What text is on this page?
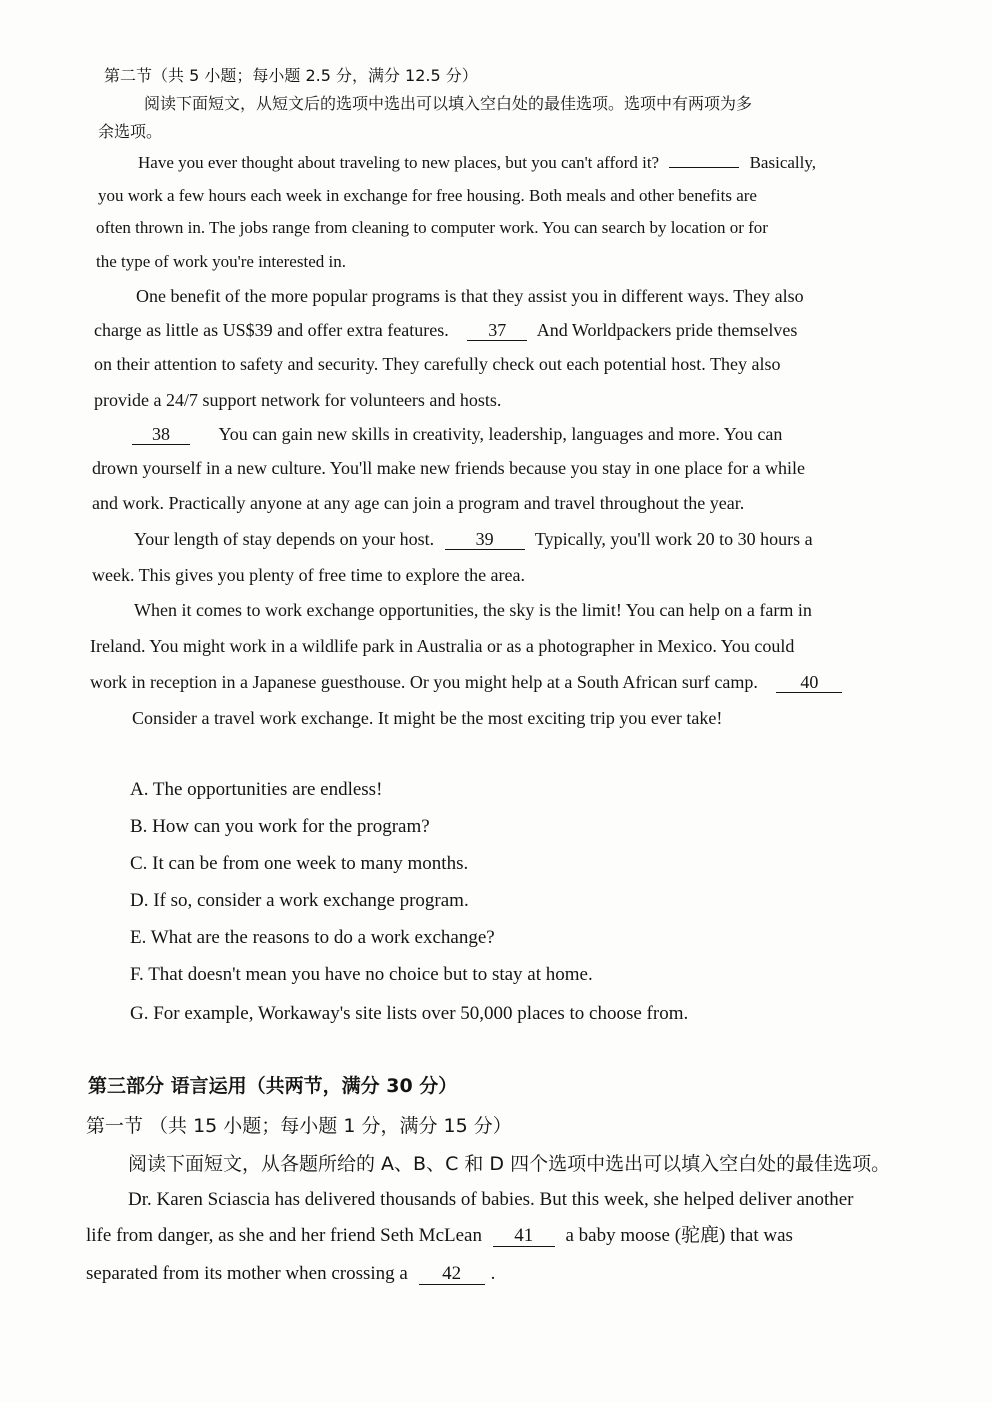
第二节（共 5 小题；每小题 2.5 分，满分 12.5 分）
阅读下面短文，从短文后的选项中选出可以填入空白处的最佳选项。选项中有两项为多
余选项。
Have you ever thought about traveling to new places, but you can't afford it?	Basically,
you work a few hours each week in exchange for free housing. Both meals and other benefits are
often thrown in. The jobs range from cleaning to computer work. You can search by location or for
the type of work you're interested in.
One benefit of the more popular programs is that they assist you in different ways. They also
charge as little as US$39 and offer extra features. 37 And Worldpackers pride themselves
on their attention to safety and security. They carefully check out each potential host. They also
provide a 24/7 support network for volunteers and hosts.
38	You can gain new skills in creativity, leadership, languages and more. You can
drown yourself in a new culture. You'll make new friends because you stay in one place for a while
and work. Practically anyone at any age can join a program and travel throughout the year.
Your length of stay depends on your host. 39 Typically, you'll work 20 to 30 hours a
week. This gives you plenty of free time to explore the area.
When it comes to work exchange opportunities, the sky is the limit! You can help on a farm in
Ireland. You might work in a wildlife park in Australia or as a photographer in Mexico. You could
work in reception in a Japanese guesthouse. Or you might help at a South African surf camp. 40
Consider a travel work exchange. It might be the most exciting trip you ever take!
A. The opportunities are endless!
B. How can you work for the program?
C. It can be from one week to many months.
D. If so, consider a work exchange program.
E. What are the reasons to do a work exchange?
F. That doesn't mean you have no choice but to stay at home.
G. For example, Workaway's site lists over 50,000 places to choose from.
第三部分 语言运用（共两节，满分 30 分）
第一节 （共 15 小题；每小题 1 分，满分 15 分）
阅读下面短文，从各题所给的 A、B、C 和 D 四个选项中选出可以填入空白处的最佳选项。
Dr. Karen Sciascia has delivered thousands of babies. But this week, she helped deliver another
life from danger, as she and her friend Seth McLean 41 a baby moose (驼鹿) that was
separated from its mother when crossing a 42 .
